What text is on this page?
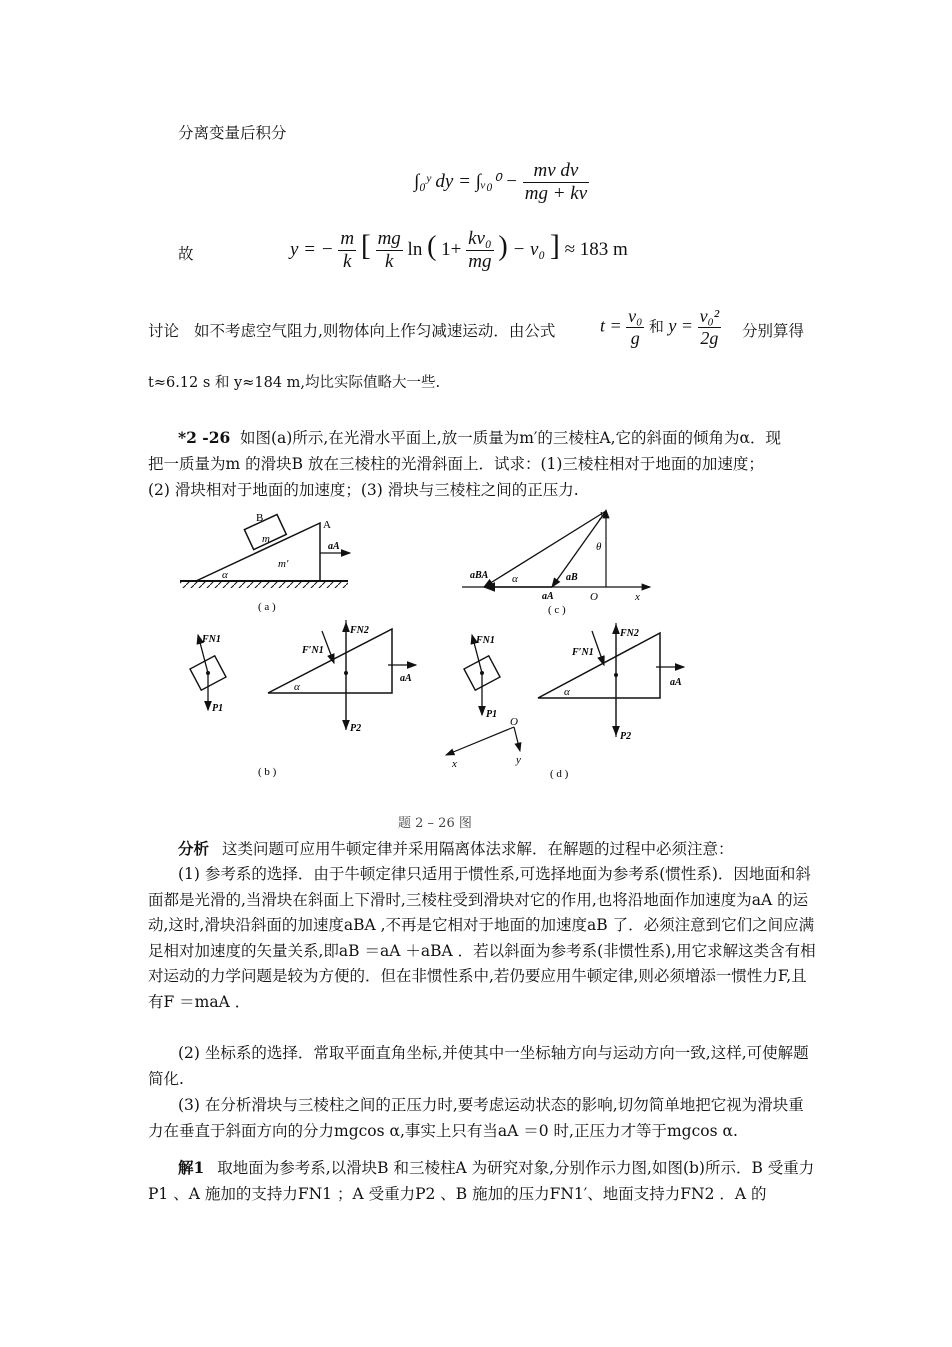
分离变量后积分
∫₀ʸ dy = ∫ᵥ₀⁰ − $\frac{\text{mv dv}}{mg + kv}$
故	y = − $\frac{m}{k}$ [ $\frac{mg}{k}$ ln ( $1+ \frac{\text{kv₀}}{mg}$ ) − v₀ ] ≈ 183 m
讨论 如不考虑空气阻力,则物体向上作匀减速运动．由公式 $t = \frac{\text{v₀}}{g}$ 和 $y = \frac{\text{v₀²}}{2g}$ 分别算得
t≈6.12 s 和 y≈184 m,均比实际值略大一些.
*2 -26 如图(a)所示,在光滑水平面上,放一质量为m′的三棱柱A,它的斜面的倾角为α．现
把一质量为m 的滑块B 放在三棱柱的光滑斜面上．试求：(1)三棱柱相对于地面的加速度；
(2) 滑块相对于地面的加速度；(3) 滑块与三棱柱之间的正压力.
B
m
m′
A
α
aA
( a )
aBA α	aB
aA
θ
O	x
y
( c )
FN1
P1
FN2
F′N1
P2
aA
α
( b )
FN1
P1
O
x	y
FN2
F′N1
P2
aA
α
( d )
题 2 – 26 图
分析 这类问题可应用牛顿定律并采用隔离体法求解．在解题的过程中必须注意：
(1) 参考系的选择．由于牛顿定律只适用于惯性系,可选择地面为参考系(惯性系)．因地面和斜面都是光滑的,当滑块在斜面上下滑时,三棱柱受到滑块对它的作用,也将沿地面作加速度为aA 的运动,这时,滑块沿斜面的加速度aBA ,不再是它相对于地面的加速度aB 了．必须注意到它们之间应满足相对加速度的矢量关系,即aB ＝aA ＋aBA ．若以斜面为参考系(非惯性系),用它求解这类含有相对运动的力学问题是较为方便的．但在非惯性系中,若仍要应用牛顿定律,则必须增添一惯性力F,且有F ＝maA ．
(2) 坐标系的选择．常取平面直角坐标,并使其中一坐标轴方向与运动方向一致,这样,可使解题简化.
(3) 在分析滑块与三棱柱之间的正压力时,要考虑运动状态的影响,切勿简单地把它视为滑块重力在垂直于斜面方向的分力mgcos α,事实上只有当aA ＝0 时,正压力才等于mgcos α.
解1 取地面为参考系,以滑块B 和三棱柱A 为研究对象,分别作示力图,如图(b)所示．B 受重力P1 、A 施加的支持力FN1 ；A 受重力P2 、B 施加的压力FN1′、地面支持力FN2 ．A 的
